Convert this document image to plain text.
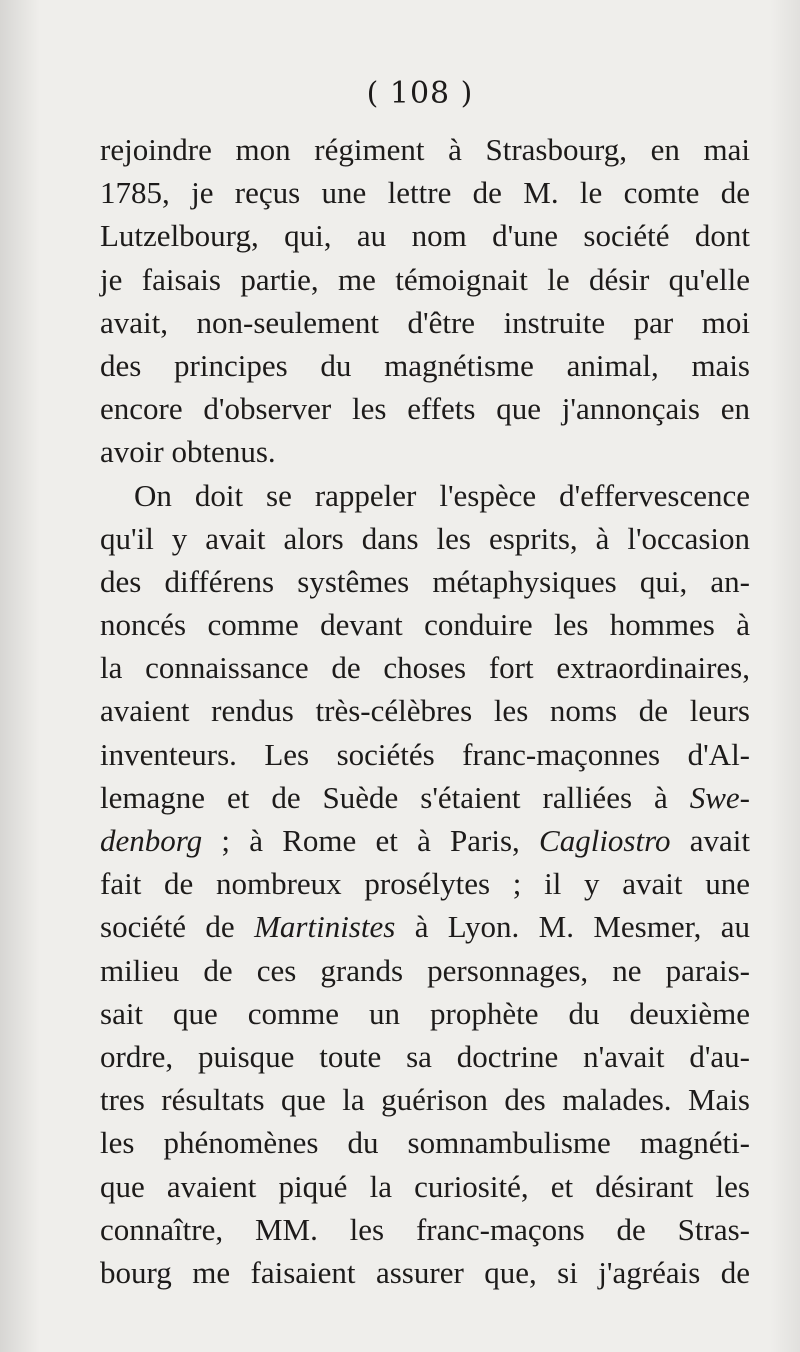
( 108 )
rejoindre mon régiment à Strasbourg, en mai
1785, je reçus une lettre de M. le comte de
Lutzelbourg, qui, au nom d'une société dont
je faisais partie, me témoignait le désir qu'elle
avait, non-seulement d'être instruite par moi
des principes du magnétisme animal, mais
encore d'observer les effets que j'annonçais en
avoir obtenus.
On doit se rappeler l'espèce d'effervescence
qu'il y avait alors dans les esprits, à l'occasion
des différens systêmes métaphysiques qui, an-
noncés comme devant conduire les hommes à
la connaissance de choses fort extraordinaires,
avaient rendus très-célèbres les noms de leurs
inventeurs. Les sociétés franc-maçonnes d'Al-
lemagne et de Suède s'étaient ralliées à Swe-
denborg ; à Rome et à Paris, Cagliostro avait
fait de nombreux prosélytes ; il y avait une
société de Martinistes à Lyon. M. Mesmer, au
milieu de ces grands personnages, ne parais-
sait que comme un prophète du deuxième
ordre, puisque toute sa doctrine n'avait d'au-
tres résultats que la guérison des malades. Mais
les phénomènes du somnambulisme magnéti-
que avaient piqué la curiosité, et désirant les
connaître, MM. les franc-maçons de Stras-
bourg me faisaient assurer que, si j'agréais de
